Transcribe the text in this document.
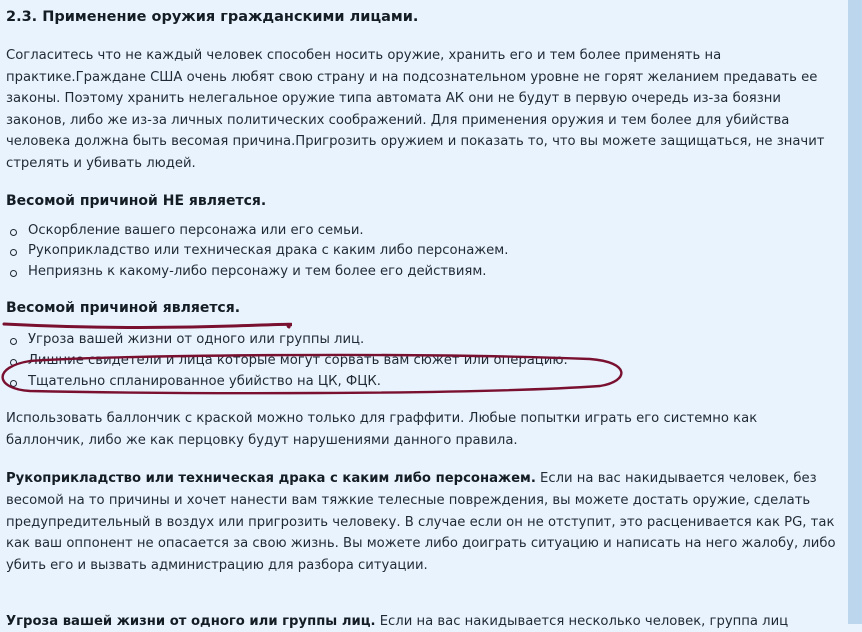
2.3. Применение оружия гражданскими лицами.

Согласитесь что не каждый человек способен носить оружие, хранить его и тем более применять на практике.Граждане США очень любят свою страну и на подсознательном уровне не горят желанием предавать ее законы. Поэтому хранить нелегальное оружие типа автомата АК они не будут в первую очередь из-за боязни законов, либо же из-за личных политических соображений. Для применения оружия и тем более для убийства человека должна быть весомая причина.Пригрозить оружием и показать то, что вы можете защищаться, не значит стрелять и убивать людей.

Весомой причиной НЕ является.
Оскорбление вашего персонажа или его семьи.
Рукоприкладство или техническая драка с каким либо персонажем.
Неприязнь к какому-либо персонажу и тем более его действиям.
Весомой причиной является.
Угроза вашей жизни от одного или группы лиц.
Лишние свидетели и лица которые могут сорвать вам сюжет или операцию.
Тщательно спланированное убийство на ЦК, ФЦК.

Использовать баллончик с краской можно только для граффити. Любые попытки играть его системно как баллончик, либо же как перцовку будут нарушениями данного правила.

Рукоприкладство или техническая драка с каким либо персонажем. Если на вас накидывается человек, без весомой на то причины и хочет нанести вам тяжкие телесные повреждения, вы можете достать оружие, сделать предупредительный в воздух или пригрозить человеку. В случае если он не отступит, это расценивается как PG, так как ваш оппонент не опасается за свою жизнь. Вы можете либо доиграть ситуацию и написать на него жалобу, либо убить его и вызвать администрацию для разбора ситуации.

Угроза вашей жизни от одного или группы лиц. Если на вас накидывается несколько человек, группа лиц
